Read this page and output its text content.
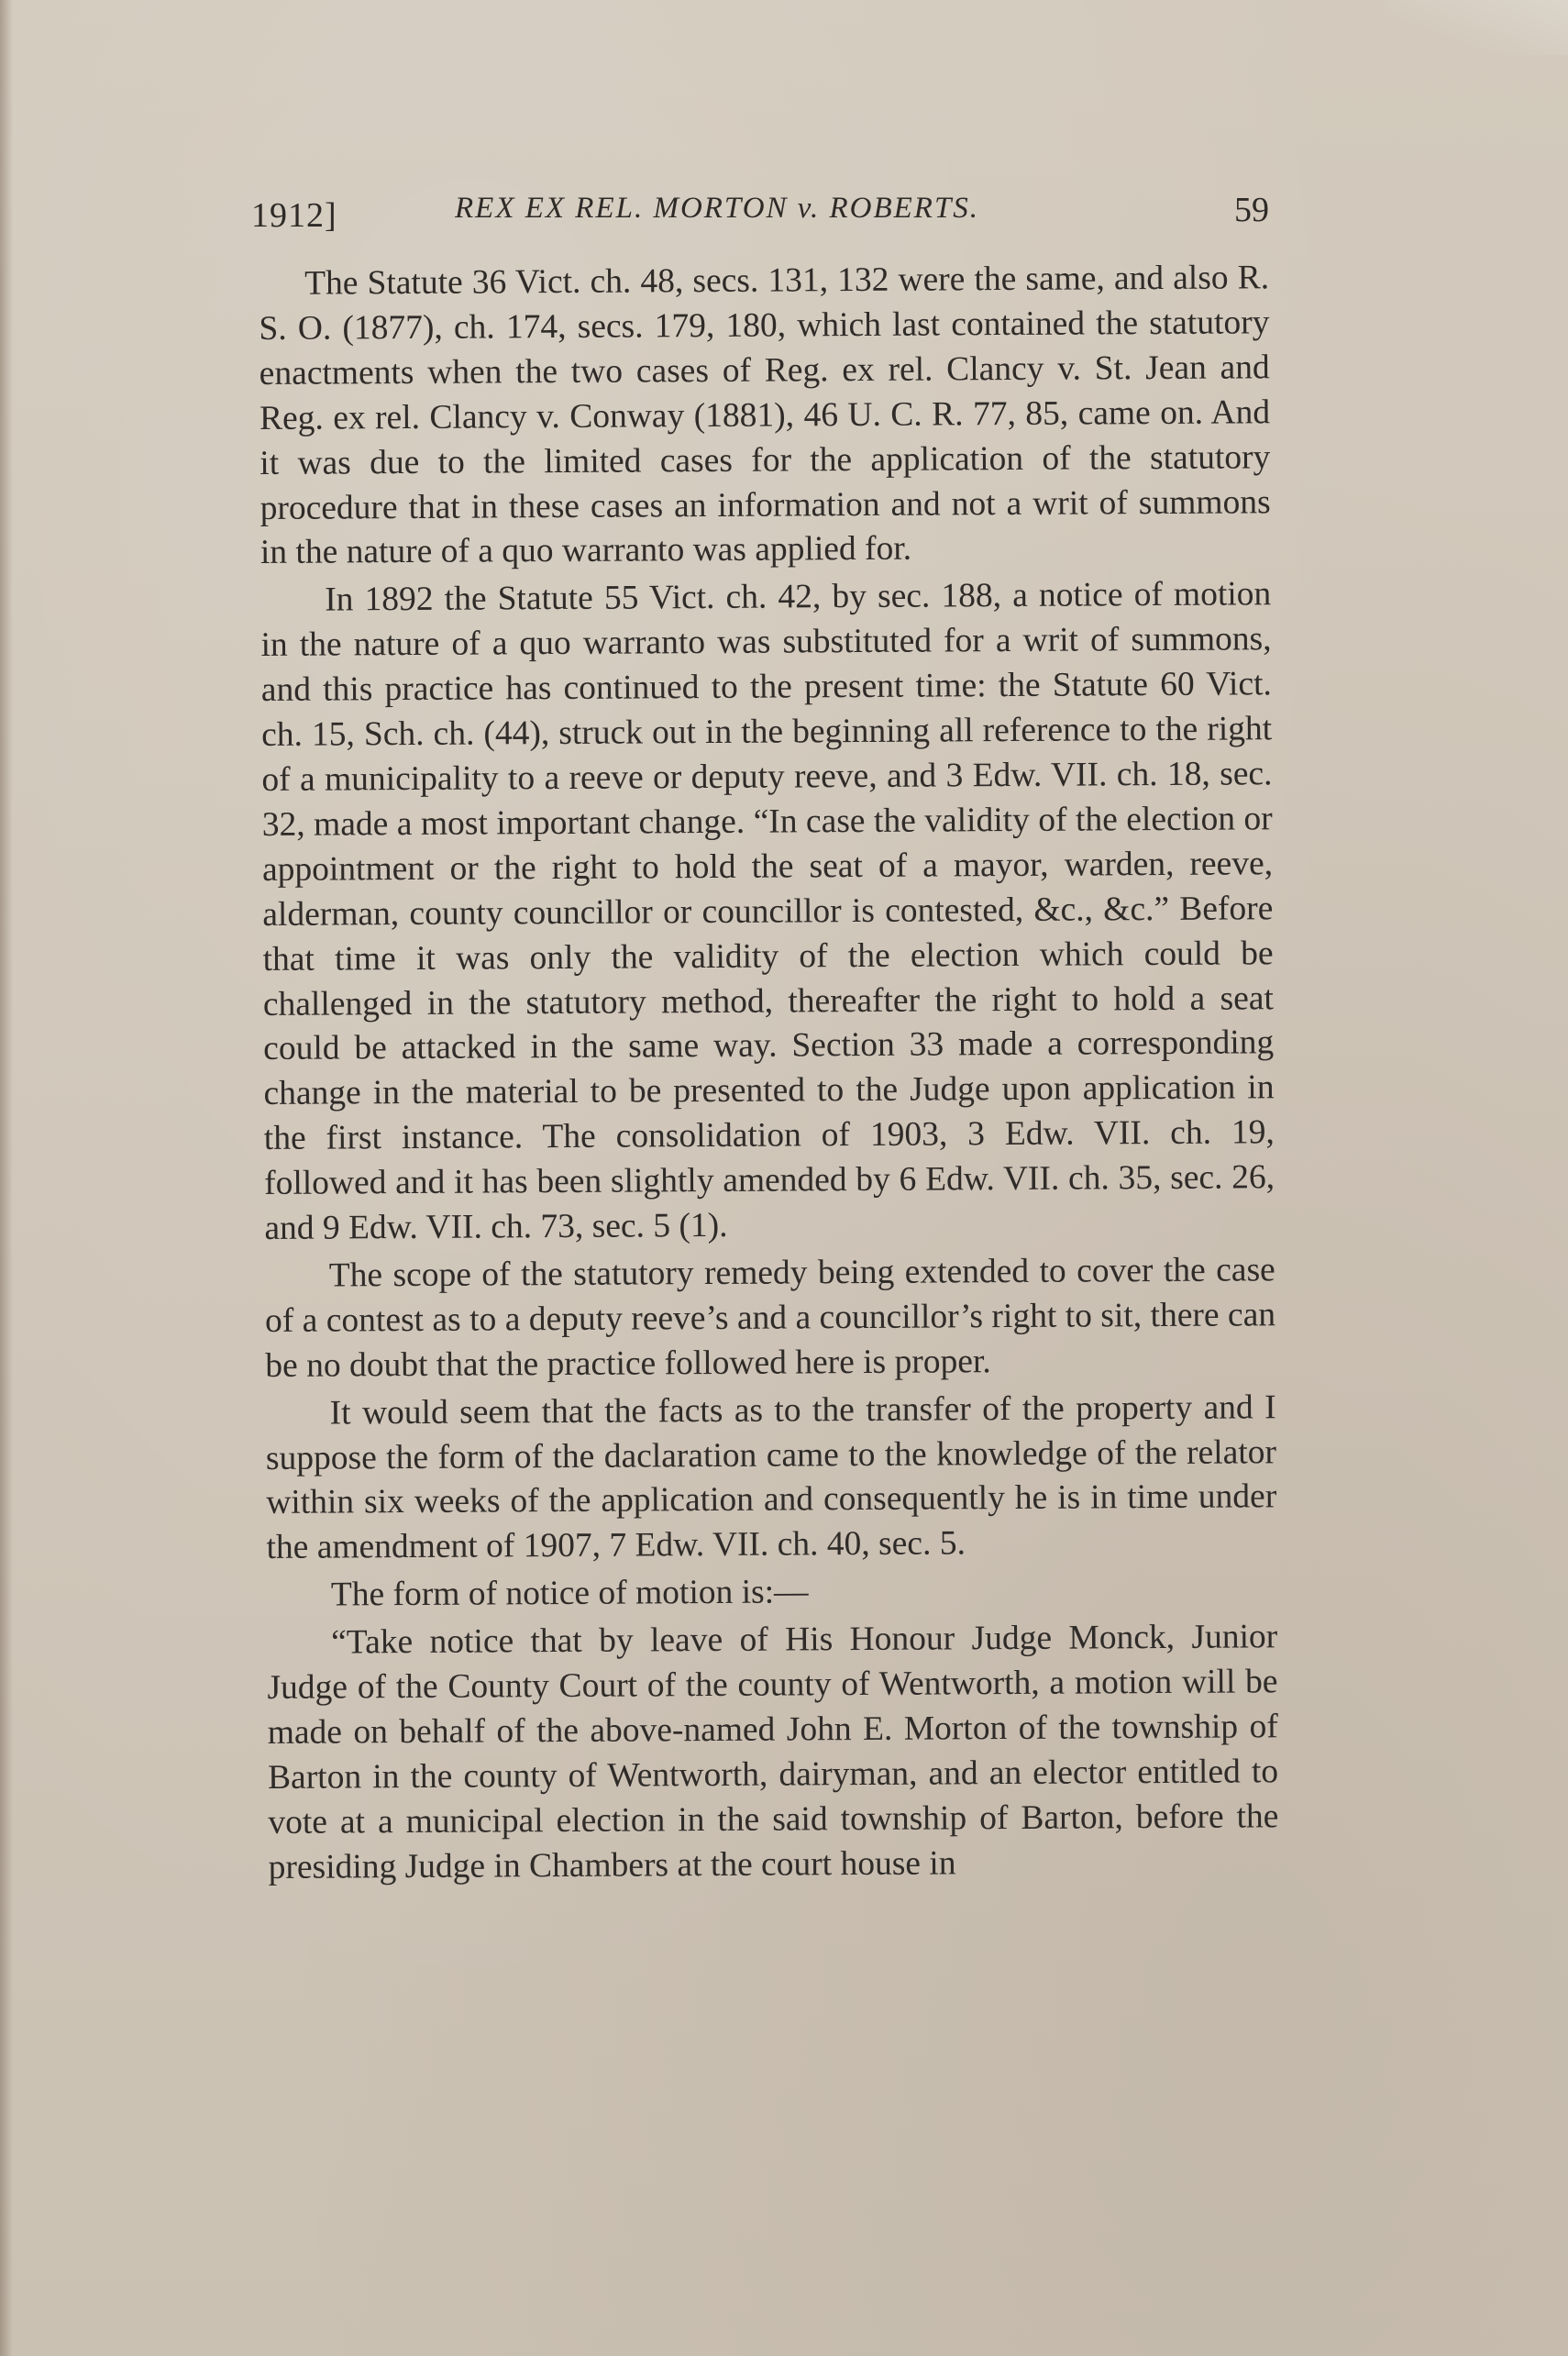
1912]	REX EX REL. MORTON v. ROBERTS.	59

The Statute 36 Vict. ch. 48, secs. 131, 132 were the same, and also R. S. O. (1877), ch. 174, secs. 179, 180, which last contained the statutory enactments when the two cases of Reg. ex rel. Clancy v. St. Jean and Reg. ex rel. Clancy v. Conway (1881), 46 U. C. R. 77, 85, came on. And it was due to the limited cases for the application of the statutory procedure that in these cases an information and not a writ of summons in the nature of a quo warranto was applied for.

In 1892 the Statute 55 Vict. ch. 42, by sec. 188, a notice of motion in the nature of a quo warranto was substituted for a writ of summons, and this practice has continued to the present time: the Statute 60 Vict. ch. 15, Sch. ch. (44), struck out in the beginning all reference to the right of a municipality to a reeve or deputy reeve, and 3 Edw. VII. ch. 18, sec. 32, made a most important change. “In case the validity of the election or appointment or the right to hold the seat of a mayor, warden, reeve, alderman, county councillor or councillor is contested, &c., &c.” Before that time it was only the validity of the election which could be challenged in the statutory method, thereafter the right to hold a seat could be attacked in the same way. Section 33 made a corresponding change in the material to be presented to the Judge upon application in the first instance. The consolidation of 1903, 3 Edw. VII. ch. 19, followed and it has been slightly amended by 6 Edw. VII. ch. 35, sec. 26, and 9 Edw. VII. ch. 73, sec. 5 (1).

The scope of the statutory remedy being extended to cover the case of a contest as to a deputy reeve’s and a councillor’s right to sit, there can be no doubt that the practice followed here is proper.

It would seem that the facts as to the transfer of the property and I suppose the form of the daclaration came to the knowledge of the relator within six weeks of the application and consequently he is in time under the amendment of 1907, 7 Edw. VII. ch. 40, sec. 5.

The form of notice of motion is:—

“Take notice that by leave of His Honour Judge Monck, Junior Judge of the County Court of the county of Wentworth, a motion will be made on behalf of the above-named John E. Morton of the township of Barton in the county of Wentworth, dairyman, and an elector entitled to vote at a municipal election in the said township of Barton, before the presiding Judge in Chambers at the court house in
